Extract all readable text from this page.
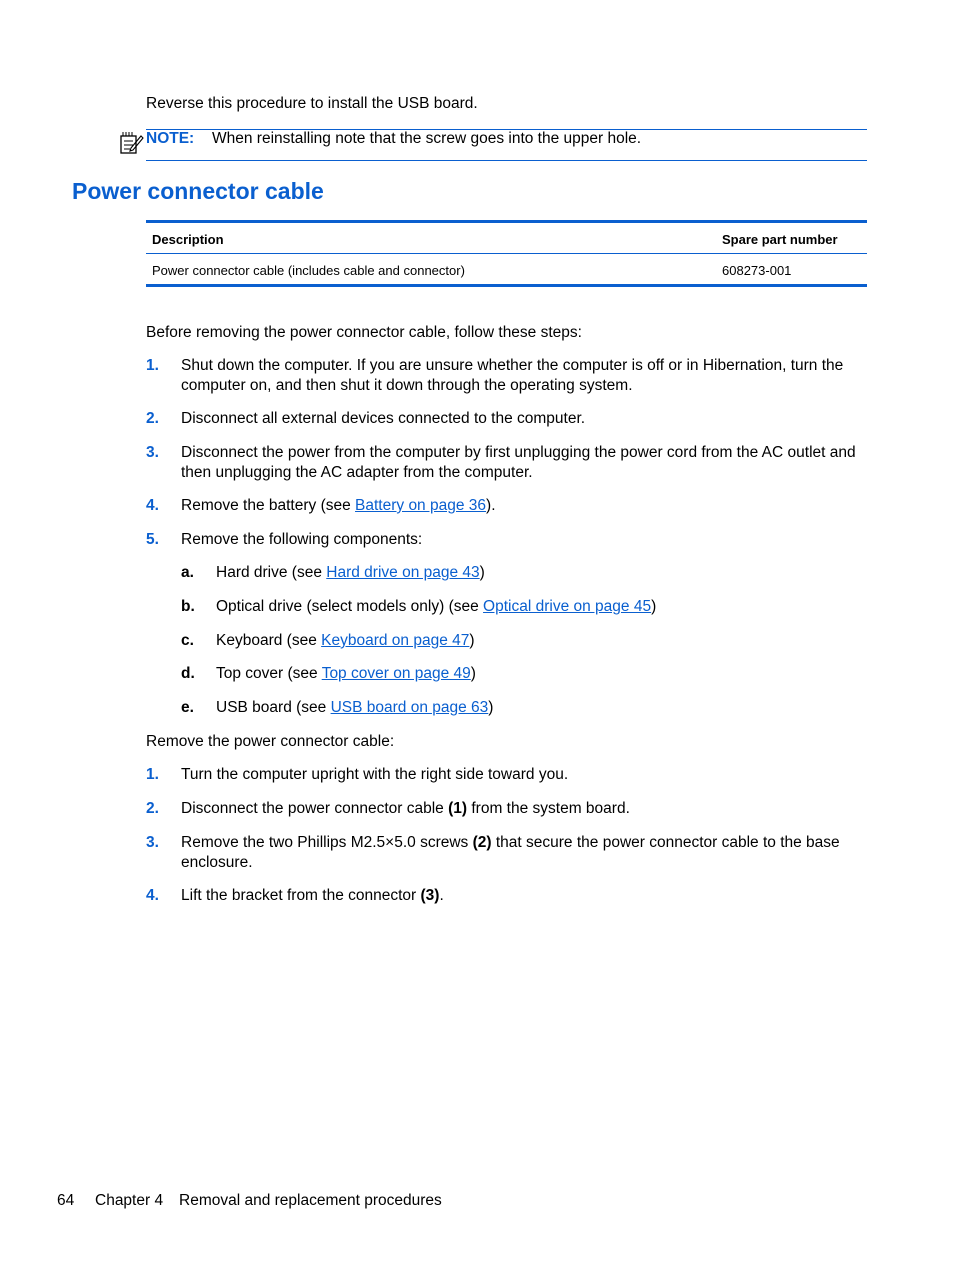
Reverse this procedure to install the USB board.
NOTE: When reinstalling note that the screw goes into the upper hole.
Power connector cable
Description	Spare part number
Power connector cable (includes cable and connector)	608273-001
Before removing the power connector cable, follow these steps:
1. Shut down the computer. If you are unsure whether the computer is off or in Hibernation, turn the computer on, and then shut it down through the operating system.
2. Disconnect all external devices connected to the computer.
3. Disconnect the power from the computer by first unplugging the power cord from the AC outlet and then unplugging the AC adapter from the computer.
4. Remove the battery (see Battery on page 36).
5. Remove the following components:
a. Hard drive (see Hard drive on page 43)
b. Optical drive (select models only) (see Optical drive on page 45)
c. Keyboard (see Keyboard on page 47)
d. Top cover (see Top cover on page 49)
e. USB board (see USB board on page 63)
Remove the power connector cable:
1. Turn the computer upright with the right side toward you.
2. Disconnect the power connector cable (1) from the system board.
3. Remove the two Phillips M2.5×5.0 screws (2) that secure the power connector cable to the base enclosure.
4. Lift the bracket from the connector (3).
64 Chapter 4 Removal and replacement procedures
